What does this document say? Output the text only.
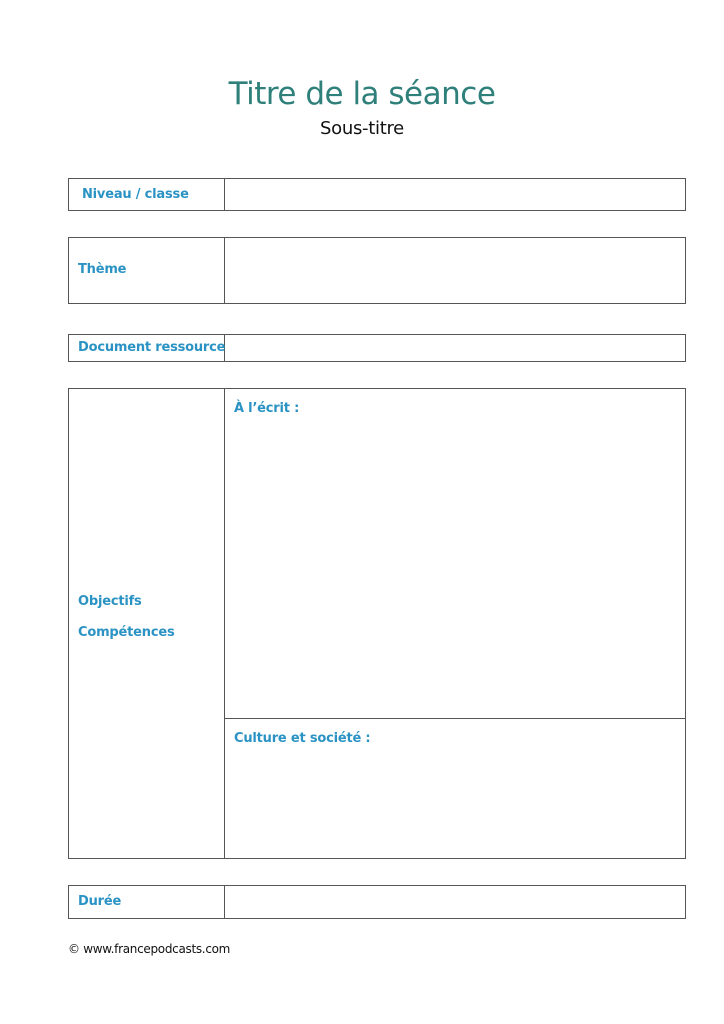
Titre de la séance
Sous-titre
Niveau / classe
Thème
Document ressource
Objectifs
Compétences
À l’écrit :
Culture et société :
Durée
© www.francepodcasts.com
